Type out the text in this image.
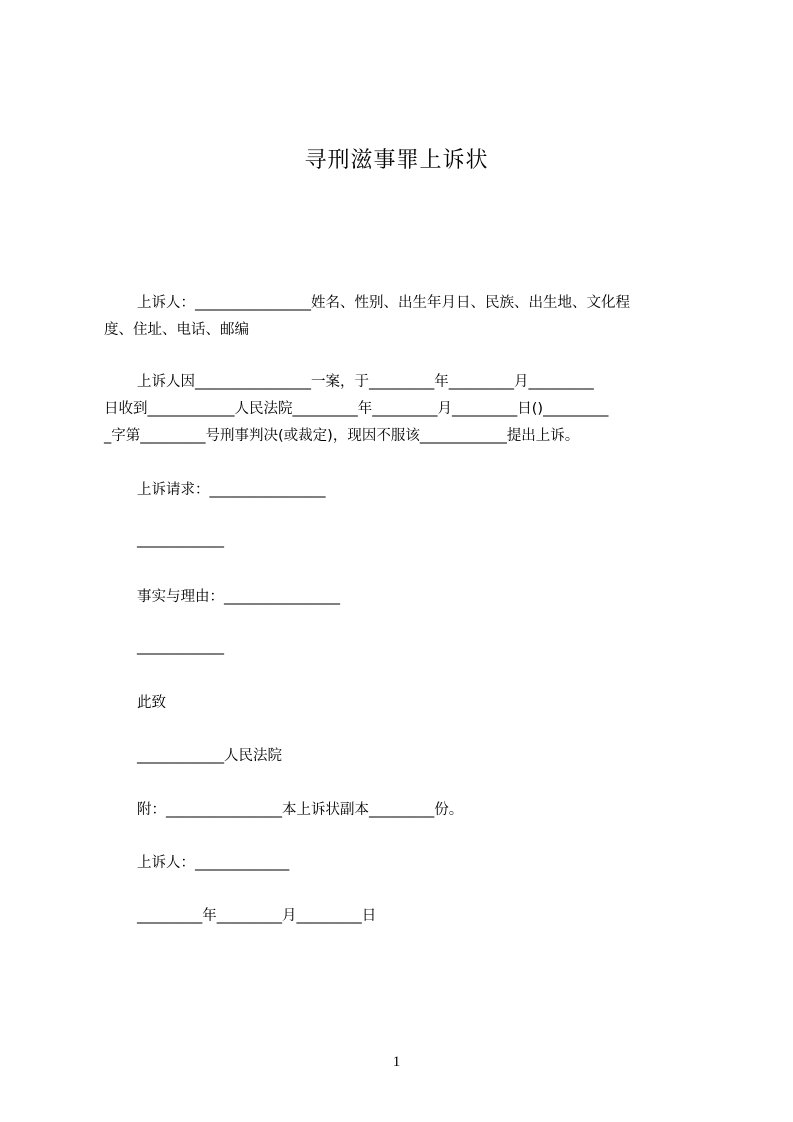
寻刑滋事罪上诉状
上诉人：________________姓名、性别、出生年月日、民族、出生地、文化程
度、住址、电话、邮编
上诉人因________________一案，于_________年_________月_________
日收到____________人民法院_________年_________月_________日()_________
_字第_________号刑事判决(或裁定)，现因不服该____________提出上诉。
上诉请求：________________
____________
事实与理由：________________
____________
此致
____________人民法院
附：________________本上诉状副本_________份。
上诉人：_____________
_________年_________月_________日
1
